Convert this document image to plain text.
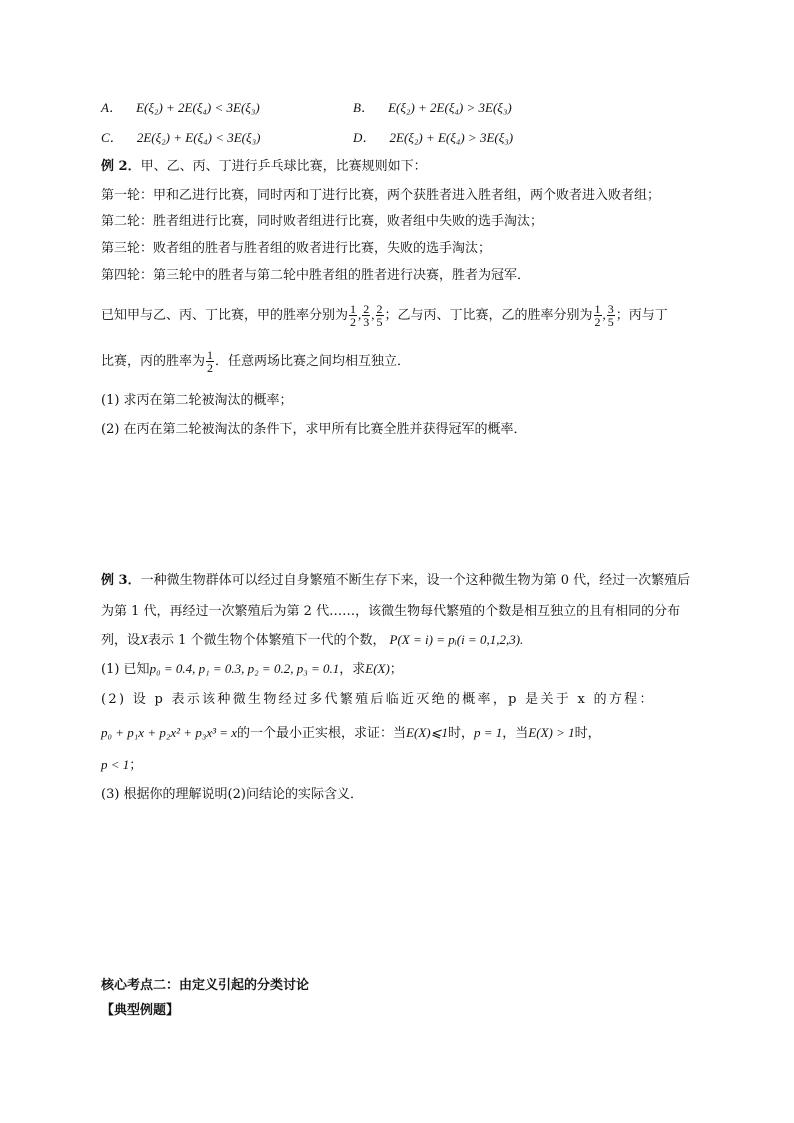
A． E(ξ₂) + 2E(ξ₄) < 3E(ξ₃)	B． E(ξ₂) + 2E(ξ₄) > 3E(ξ₃)
C． 2E(ξ₂) + E(ξ₄) < 3E(ξ₃)	D． 2E(ξ₂) + E(ξ₄) > 3E(ξ₃)
例 2．甲、乙、丙、丁进行乒乓球比赛，比赛规则如下：
第一轮：甲和乙进行比赛，同时丙和丁进行比赛，两个获胜者进入胜者组，两个败者进入败者组；
第二轮：胜者组进行比赛，同时败者组进行比赛，败者组中失败的选手淘汰；
第三轮：败者组的胜者与胜者组的败者进行比赛，失败的选手淘汰；
第四轮：第三轮中的胜者与第二轮中胜者组的胜者进行决赛，胜者为冠军．
已知甲与乙、丙、丁比赛，甲的胜率分别为 $\frac{1}{2}$ , $\frac{2}{3}$ , $\frac{2}{5}$ ；乙与丙、丁比赛，乙的胜率分别为 $\frac{1}{2}$ , $\frac{3}{5}$ ；丙与丁
比赛，丙的胜率为 $\frac{1}{2}$ ．任意两场比赛之间均相互独立．
(1) 求丙在第二轮被淘汰的概率；
(2) 在丙在第二轮被淘汰的条件下，求甲所有比赛全胜并获得冠军的概率．
例 3．一种微生物群体可以经过自身繁殖不断生存下来，设一个这种微生物为第 0 代，经过一次繁殖后
为第 1 代，再经过一次繁殖后为第 2 代……，该微生物每代繁殖的个数是相互独立的且有相同的分布
列，设X表示 1 个微生物个体繁殖下一代的个数， P(X = i) = pᵢ(i = 0,1,2,3).
(1) 已知p₀ = 0.4, p₁ = 0.3, p₂ = 0.2, p₃ = 0.1，求E(X)；
(2) 设 p 表示该种微生物经过多代繁殖后临近灭绝的概率，p 是关于 x 的方程：
p₀ + p₁x + p₂x² + p₃x³ = x的一个最小正实根，求证：当E(X)⩽1时，p = 1，当E(X) > 1时，
p < 1；
(3) 根据你的理解说明(2)问结论的实际含义．
核心考点二：由定义引起的分类讨论
【典型例题】
